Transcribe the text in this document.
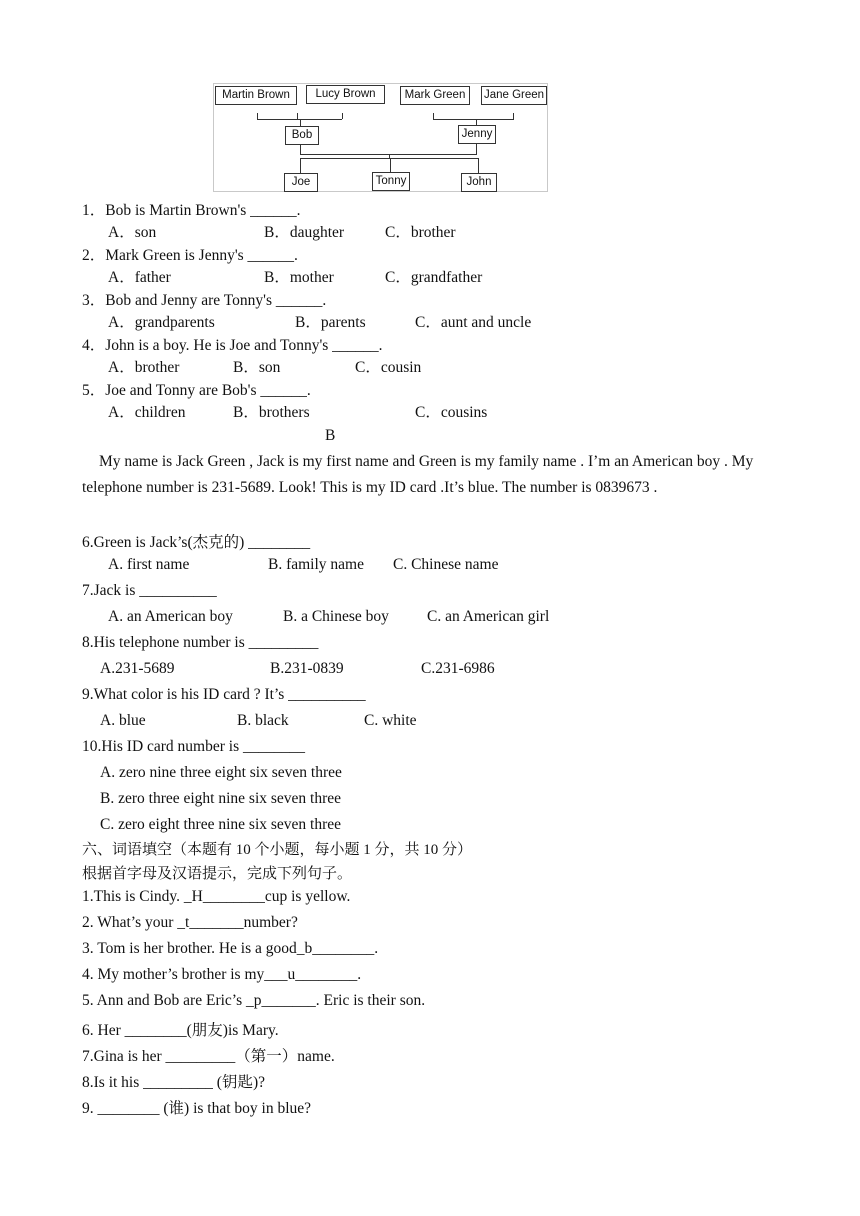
Martin Brown	Lucy Brown	Mark Green	Jane Green
Bob	Jenny
Joe	Tonny	John
1．Bob is Martin Brown's ______.
A．son	B．daughter	C．brother
2．Mark Green is Jenny's ______.
A．father	B．mother	C．grandfather
3．Bob and Jenny are Tonny's ______.
A．grandparents	B．parents	C．aunt and uncle
4．John is a boy. He is Joe and Tonny's ______.
A．brother	B．son	C．cousin
5．Joe and Tonny are Bob's ______.
A．children	B．brothers	C．cousins
B
My name is Jack Green , Jack is my first name and Green is my family name . I’m an American boy . My telephone number is 231-5689. Look! This is my ID card .It’s blue. The number is 0839673 .
6.Green is Jack’s(杰克的) ________
A. first name	B. family name C. Chinese name
7.Jack is __________
A. an American boy	B. a Chinese boy C. an American girl
8.His telephone number is _________
A.231-5689	B.231-0839	C.231-6986
9.What color is his ID card ? It’s __________
A. blue	B. black	C. white
10.His ID card number is ________
A. zero nine three eight six seven three
B. zero three eight nine six seven three
C. zero eight three nine six seven three
六、词语填空（本题有 10 个小题，每小题 1 分，共 10 分）
根据首字母及汉语提示，完成下列句子。
1.This is Cindy. _H________cup is yellow.
2. What’s your _t_______number?
3. Tom is her brother. He is a good_b________.
4. My mother’s brother is my___u________.
5. Ann and Bob are Eric’s _p_______. Eric is their son.
6. Her ________(朋友)is Mary.
7.Gina is her _________（第一）name.
8.Is it his _________ (钥匙)?
9. ________ (谁) is that boy in blue?
